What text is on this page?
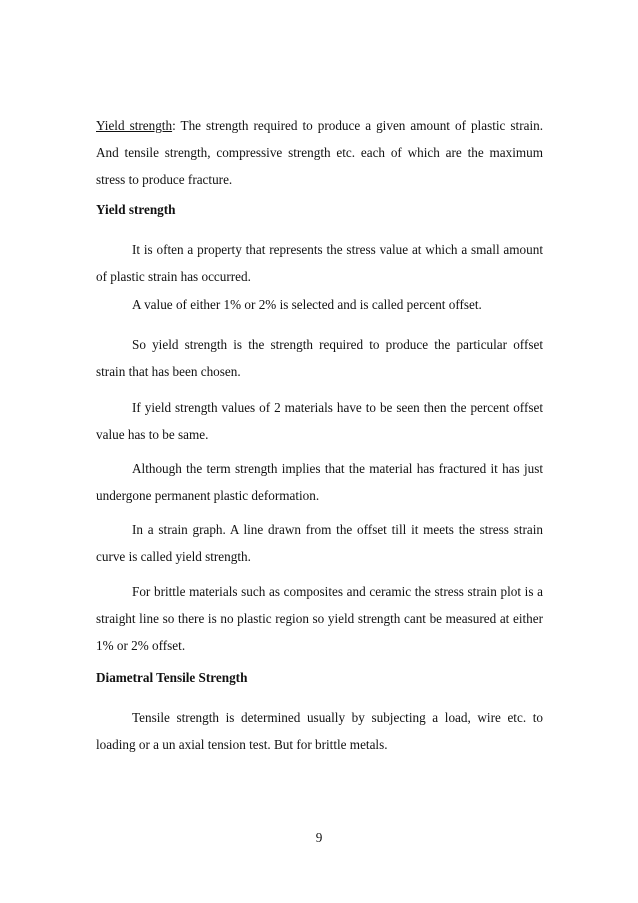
Yield strength: The strength required to produce a given amount of plastic strain. And tensile strength, compressive strength etc. each of which are the maximum stress to produce fracture.

Yield strength

It is often a property that represents the stress value at which a small amount of plastic strain has occurred.

A value of either 1% or 2% is selected and is called percent offset.

So yield strength is the strength required to produce the particular offset strain that has been chosen.

If yield strength values of 2 materials have to be seen then the percent offset value has to be same.

Although the term strength implies that the material has fractured it has just undergone permanent plastic deformation.

In a strain graph. A line drawn from the offset till it meets the stress strain curve is called yield strength.

For brittle materials such as composites and ceramic the stress strain plot is a straight line so there is no plastic region so yield strength cant be measured at either 1% or 2% offset.

Diametral Tensile Strength

Tensile strength is determined usually by subjecting a load, wire etc. to loading or a un axial tension test. But for brittle metals.

9
